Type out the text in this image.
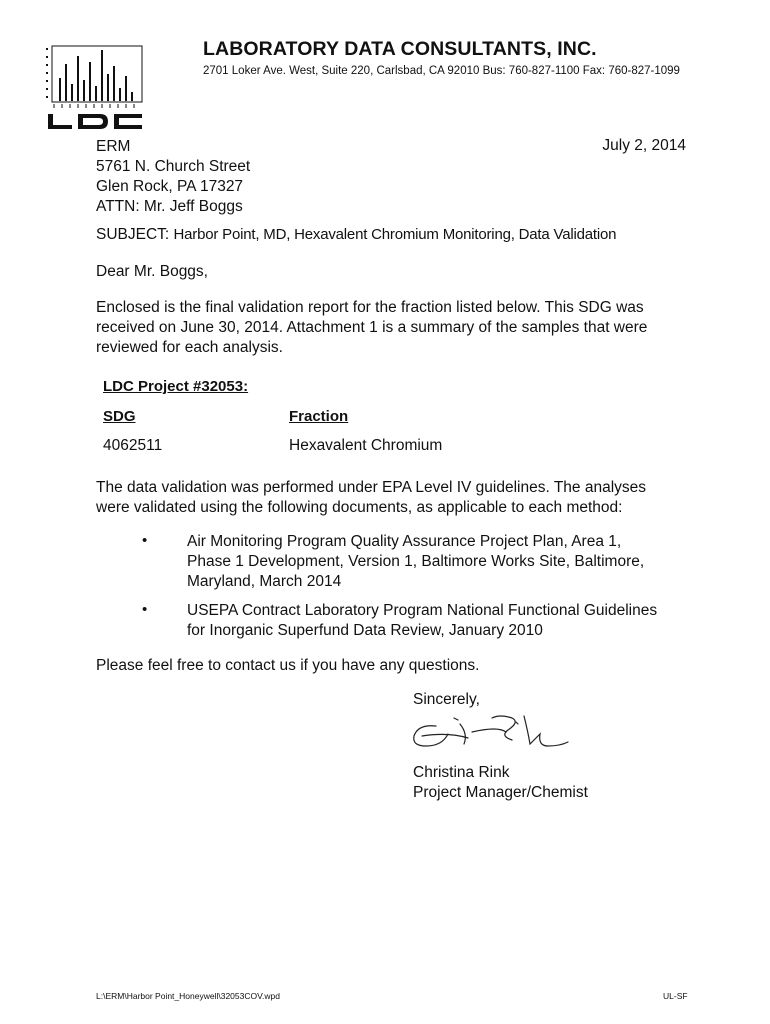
LABORATORY DATA CONSULTANTS, INC.
2701 Loker Ave. West, Suite 220, Carlsbad, CA 92010 Bus: 760-827-1100 Fax: 760-827-1099
ERM
5761 N. Church Street
Glen Rock, PA 17327
ATTN: Mr. Jeff Boggs
July 2, 2014
SUBJECT: Harbor Point, MD, Hexavalent Chromium Monitoring, Data Validation
Dear Mr. Boggs,
Enclosed is the final validation report for the fraction listed below. This SDG was
received on June 30, 2014. Attachment 1 is a summary of the samples that were
reviewed for each analysis.
LDC Project #32053:
SDG	Fraction
4062511	Hexavalent Chromium
The data validation was performed under EPA Level IV guidelines. The analyses
were validated using the following documents, as applicable to each method:
•	Air Monitoring Program Quality Assurance Project Plan, Area 1,
Phase 1 Development, Version 1, Baltimore Works Site, Baltimore,
Maryland, March 2014
•	USEPA Contract Laboratory Program National Functional Guidelines
for Inorganic Superfund Data Review, January 2010
Please feel free to contact us if you have any questions.
Sincerely,
Christina Rink
Project Manager/Chemist
L:\ERM\Harbor Point_Honeywell\32053COV.wpd	UL-SF
